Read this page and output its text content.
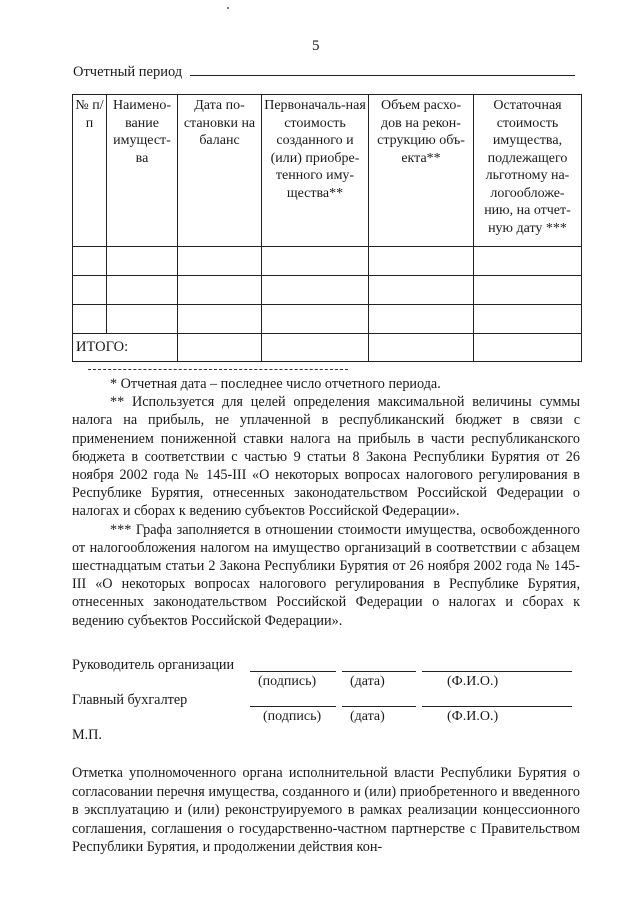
5
Отчетный период
№ п/п	Наимено-вание имущест-ва	Дата по-становки на баланс	Первоначаль-ная стоимость созданного и (или) приобре-тенного иму-щества**	Объем расхо-дов на рекон-струкцию объ-екта**	Остаточная стоимость имущества, подлежащего льготному на-логообложе-нию, на отчет-ную дату ***

ИТОГО:					

* Отчетная дата – последнее число отчетного периода.

** Используется для целей определения максимальной величины суммы налога на прибыль, не уплаченной в республиканский бюджет в связи с применением пониженной ставки налога на прибыль в части республиканского бюджета в соответствии с частью 9 статьи 8 Закона Республики Бурятия от 26 ноября 2002 года № 145-III «О некоторых вопросах налогового регулирования в Республике Бурятия, отнесенных законодательством Российской Федерации о налогах и сборах к ведению субъектов Российской Федерации».

*** Графа заполняется в отношении стоимости имущества, освобожденного от налогообложения налогом на имущество организаций в соответствии с абзацем шестнадцатым статьи 2 Закона Республики Бурятия от 26 ноября 2002 года № 145-III «О некоторых вопросах налогового регулирования в Республике Бурятия, отнесенных законодательством Российской Федерации о налогах и сборах к ведению субъектов Российской Федерации».

Руководитель организации
(подпись) (дата)	(Ф.И.О.)
Главный бухгалтер
(подпись) (дата)	(Ф.И.О.)
М.П.

Отметка уполномоченного органа исполнительной власти Республики Бурятия о согласовании перечня имущества, созданного и (или) приобретенного и введенного в эксплуатацию и (или) реконструируемого в рамках реализации концессионного соглашения, соглашения о государственно-частном партнерстве с Правительством Республики Бурятия, и продолжении действия кон-
